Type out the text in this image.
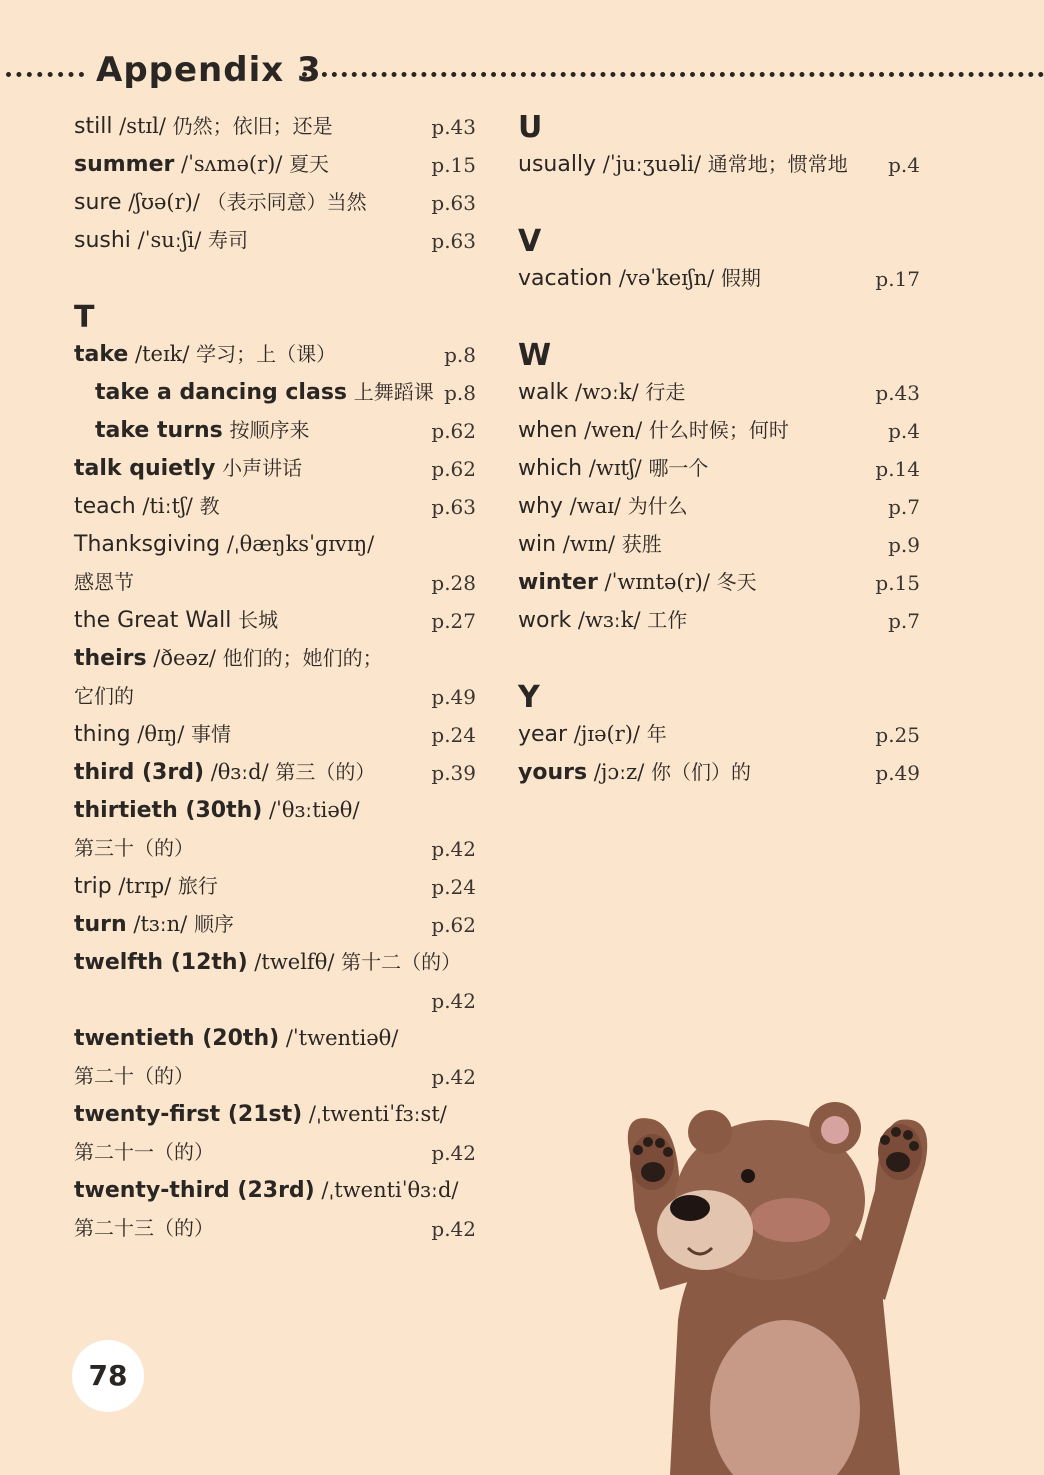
Appendix 3
still /stɪl/ 仍然；依旧；还是	p.43
summer /ˈsʌmə(r)/ 夏天	p.15
sure /ʃʊə(r)/ （表示同意）当然	p.63
sushi /ˈsuːʃi/ 寿司	p.63
T
take /teɪk/ 学习；上（课）	p.8
take a dancing class 上舞蹈课 p.8
take turns 按顺序来	p.62
talk quietly 小声讲话	p.62
teach /tiːtʃ/ 教	p.63
Thanksgiving /ˌθæŋksˈɡɪvɪŋ/
感恩节	p.28
the Great Wall 长城	p.27
theirs /ðeəz/ 他们的；她们的；
它们的	p.49
thing /θɪŋ/ 事情	p.24
third (3rd) /θɜːd/ 第三（的）	p.39
thirtieth (30th) /ˈθɜːtiəθ/
第三十（的）	p.42
trip /trɪp/ 旅行	p.24
turn /tɜːn/ 顺序	p.62
twelfth (12th) /twelfθ/ 第十二（的）
p.42
twentieth (20th) /ˈtwentiəθ/
第二十（的）	p.42
twenty-first (21st) /ˌtwentiˈfɜːst/
第二十一（的）	p.42
twenty-third (23rd) /ˌtwentiˈθɜːd/
第二十三（的）	p.42
U
usually /ˈjuːʒuəli/ 通常地；惯常地 p.4
V
vacation /vəˈkeɪʃn/ 假期	p.17
W
walk /wɔːk/ 行走	p.43
when /wen/ 什么时候；何时	p.4
which /wɪtʃ/ 哪一个	p.14
why /waɪ/ 为什么	p.7
win /wɪn/ 获胜	p.9
winter /ˈwɪntə(r)/ 冬天	p.15
work /wɜːk/ 工作	p.7
Y
year /jɪə(r)/ 年	p.25
yours /jɔːz/ 你（们）的	p.49
78
